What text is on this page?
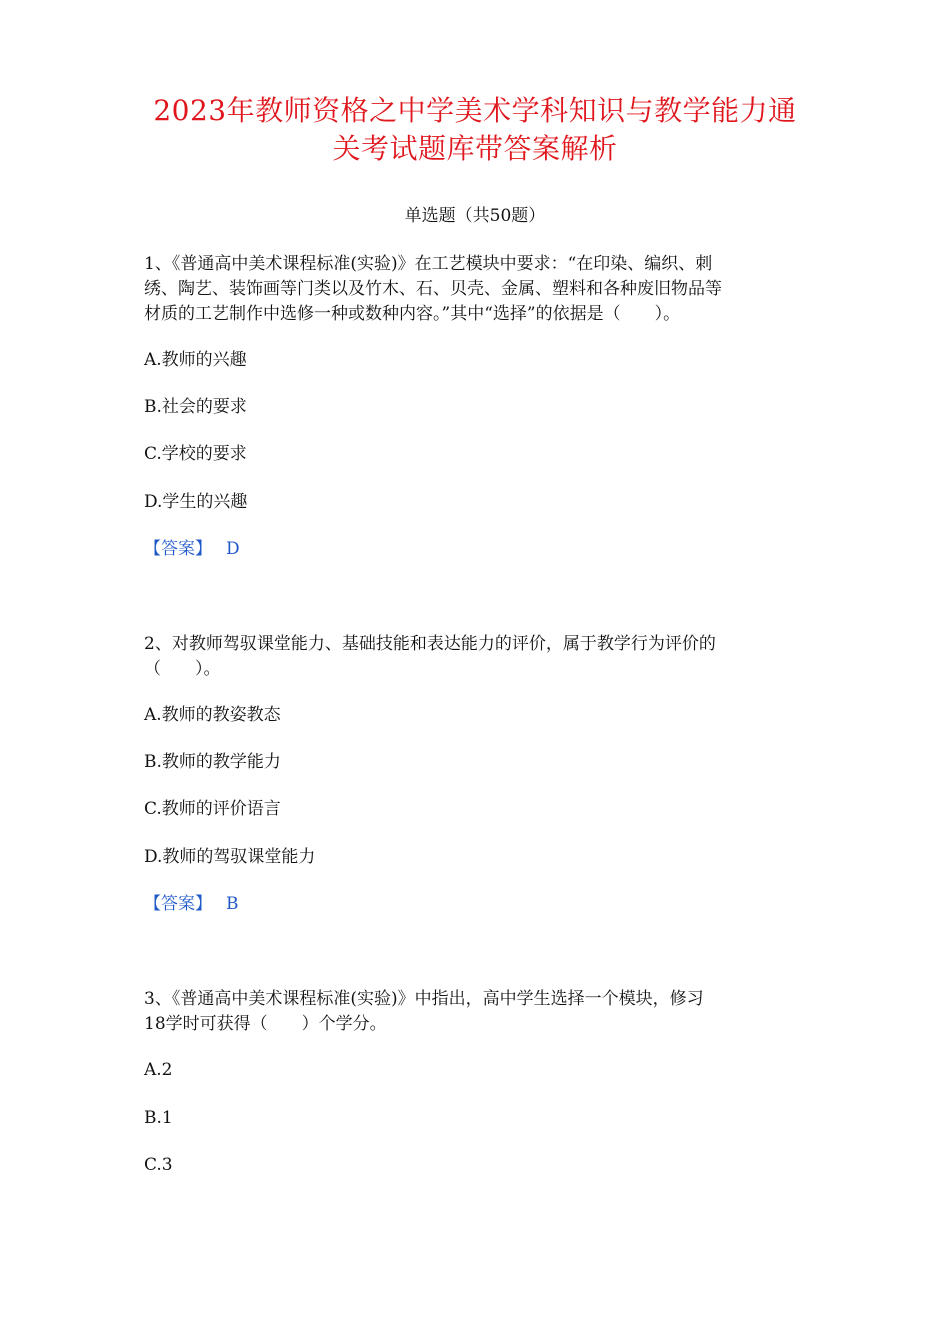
2023年教师资格之中学美术学科知识与教学能力通
关考试题库带答案解析
单选题（共50题）
1、《普通高中美术课程标准(实验)》在工艺模块中要求：“在印染、编织、刺
绣、陶艺、装饰画等门类以及竹木、石、贝壳、金属、塑料和各种废旧物品等
材质的工艺制作中选修一种或数种内容。”其中“选择”的依据是（　　）。
A.教师的兴趣
B.社会的要求
C.学校的要求
D.学生的兴趣
【答案】 D
2、对教师驾驭课堂能力、基础技能和表达能力的评价，属于教学行为评价的
（　　）。
A.教师的教姿教态
B.教师的教学能力
C.教师的评价语言
D.教师的驾驭课堂能力
【答案】 B
3、《普通高中美术课程标准(实验)》中指出，高中学生选择一个模块，修习
18学时可获得（　　）个学分。
A.2
B.1
C.3
